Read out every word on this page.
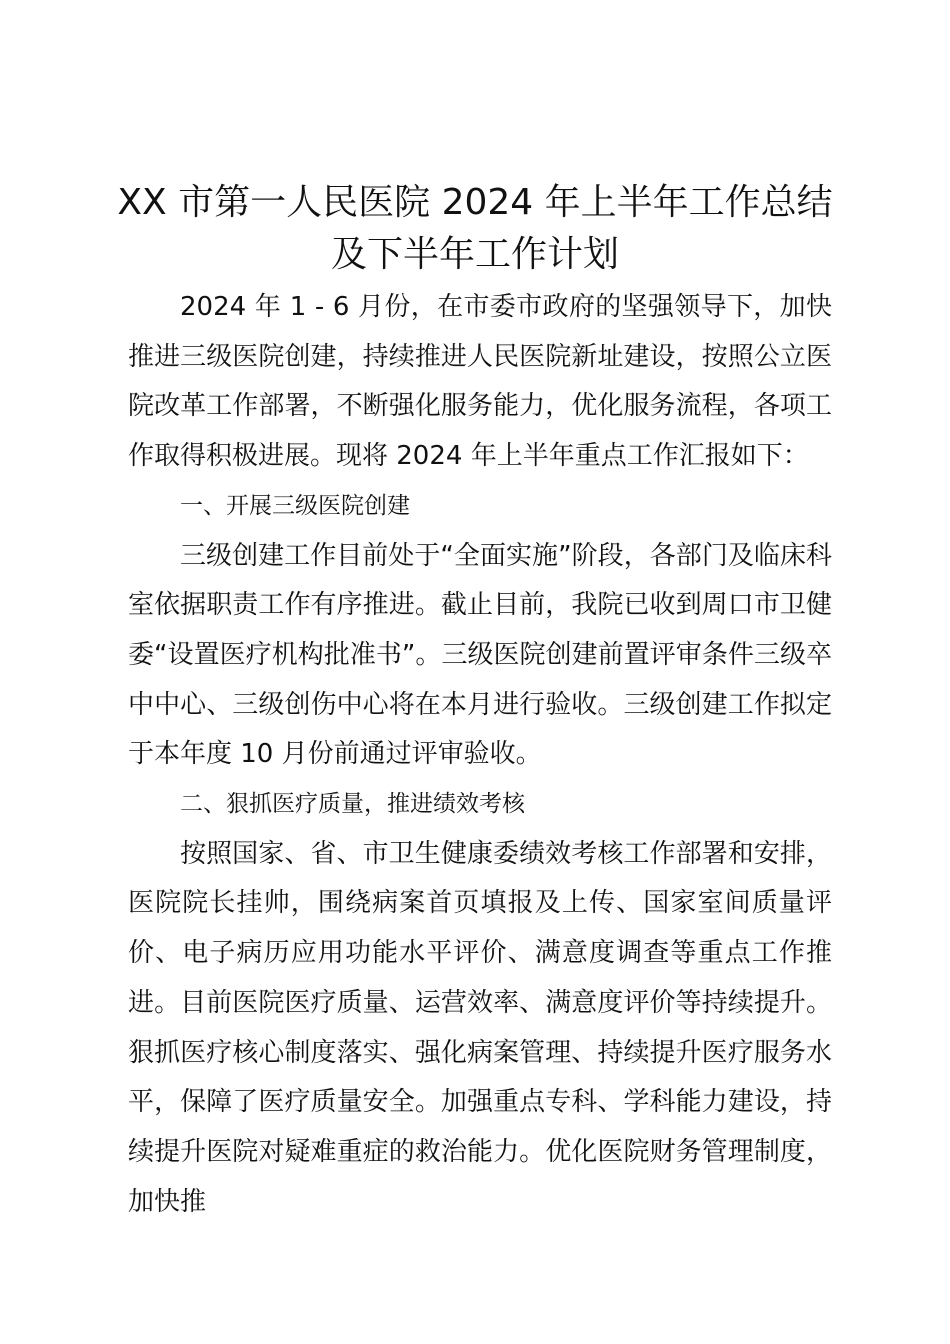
XX 市第一人民医院 2024 年上半年工作总结
及下半年工作计划

2024 年 1 - 6 月份，在市委市政府的坚强领导下，加快推进三级医院创建，持续推进人民医院新址建设，按照公立医院改革工作部署，不断强化服务能力，优化服务流程，各项工作取得积极进展。现将 2024 年上半年重点工作汇报如下：

一、开展三级医院创建

三级创建工作目前处于“全面实施”阶段，各部门及临床科室依据职责工作有序推进。截止目前，我院已收到周口市卫健委“设置医疗机构批准书”。三级医院创建前置评审条件三级卒中中心、三级创伤中心将在本月进行验收。三级创建工作拟定于本年度 10 月份前通过评审验收。

二、狠抓医疗质量，推进绩效考核

按照国家、省、市卫生健康委绩效考核工作部署和安排，医院院长挂帅，围绕病案首页填报及上传、国家室间质量评价、电子病历应用功能水平评价、满意度调查等重点工作推进。目前医院医疗质量、运营效率、满意度评价等持续提升。狠抓医疗核心制度落实、强化病案管理、持续提升医疗服务水平，保障了医疗质量安全。加强重点专科、学科能力建设，持续提升医院对疑难重症的救治能力。优化医院财务管理制度，加快推
